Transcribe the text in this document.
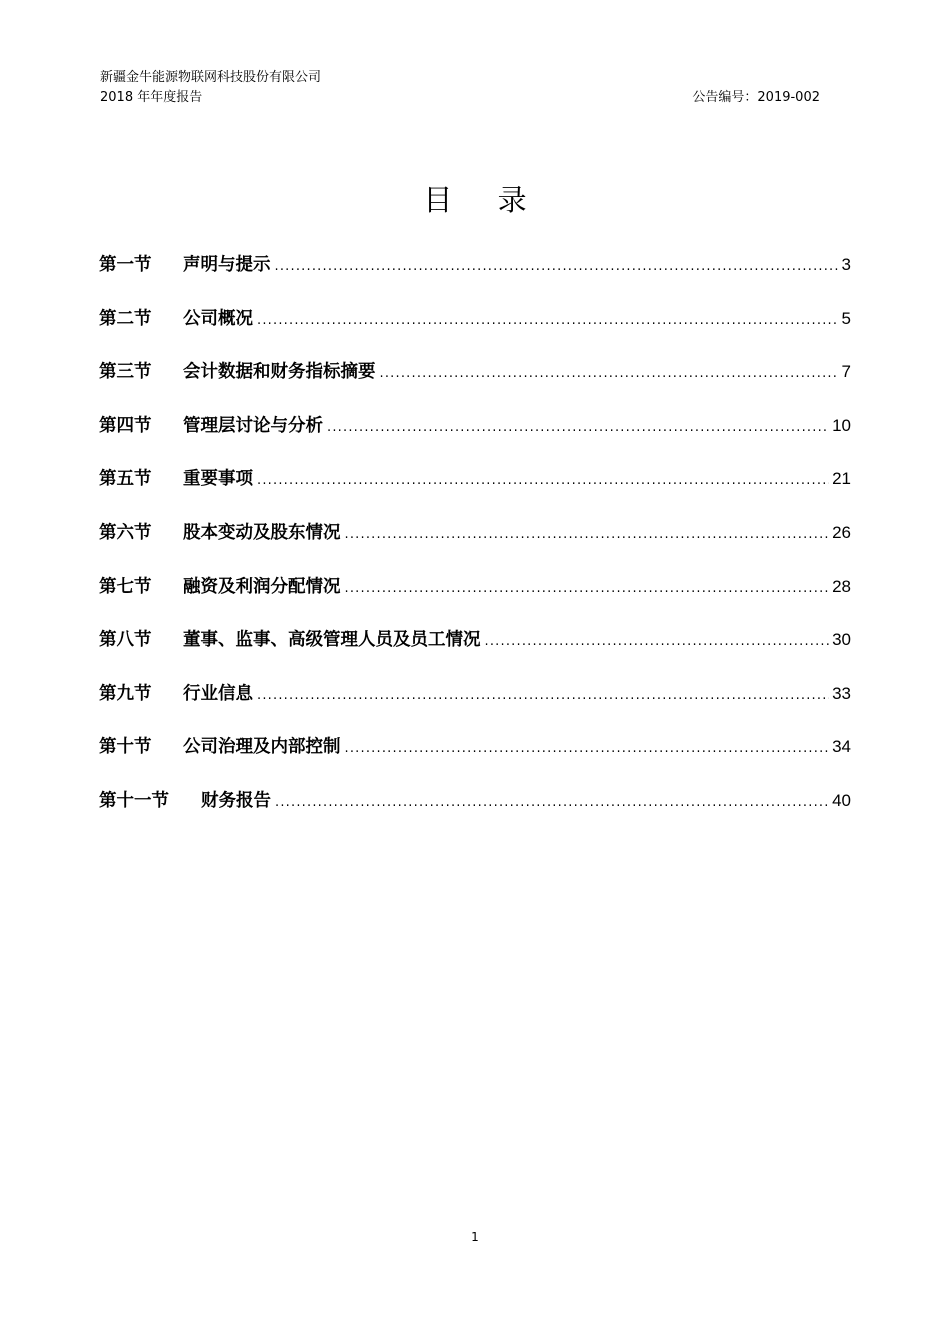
新疆金牛能源物联网科技股份有限公司
2018 年年度报告	公告编号：2019-002
目 录
第一节	声明与提示 .....	3
第二节	公司概况 .....	5
第三节	会计数据和财务指标摘要 .....	7
第四节	管理层讨论与分析 .....	10
第五节	重要事项 .....	21
第六节	股本变动及股东情况 .....	26
第七节	融资及利润分配情况 .....	28
第八节	董事、监事、高级管理人员及员工情况 .....	30
第九节	行业信息 .....	33
第十节	公司治理及内部控制 .....	34
第十一节	财务报告 .....	40
1
